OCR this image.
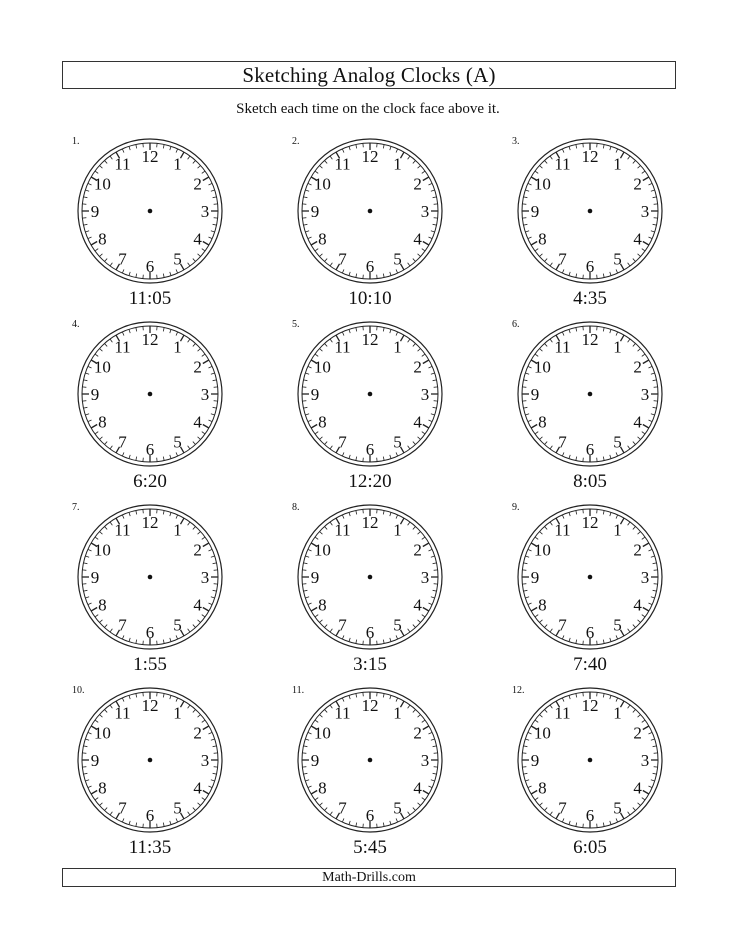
Sketching Analog Clocks (A)
Sketch each time on the clock face above it.
12 1
2
3
4
5
6
7
8
9
10
11
1.
11:05
12 1
2
3
4
5
6
7
8
9
10
11
2.
10:10
12 1
2
3
4
5
6
7
8
9
10
11
3.
4:35
12 1
2
3
4
5
6
7
8
9
10
11
4.
6:20
12 1
2
3
4
5
6
7
8
9
10
11
5.
12:20
12 1
2
3
4
5
6
7
8
9
10
11
6.
8:05
12 1
2
3
4
5
6
7
8
9
10
11
7.
1:55
12 1
2
3
4
5
6
7
8
9
10
11
8.
3:15
12 1
2
3
4
5
6
7
8
9
10
11
9.
7:40
12 1
2
3
4
5
6
7
8
9
10
11
10.
11:35
12 1
2
3
4
5
6
7
8
9
10
11
11.
5:45
12 1
2
3
4
5
6
7
8
9
10
11
12.
6:05
Math-Drills.com
